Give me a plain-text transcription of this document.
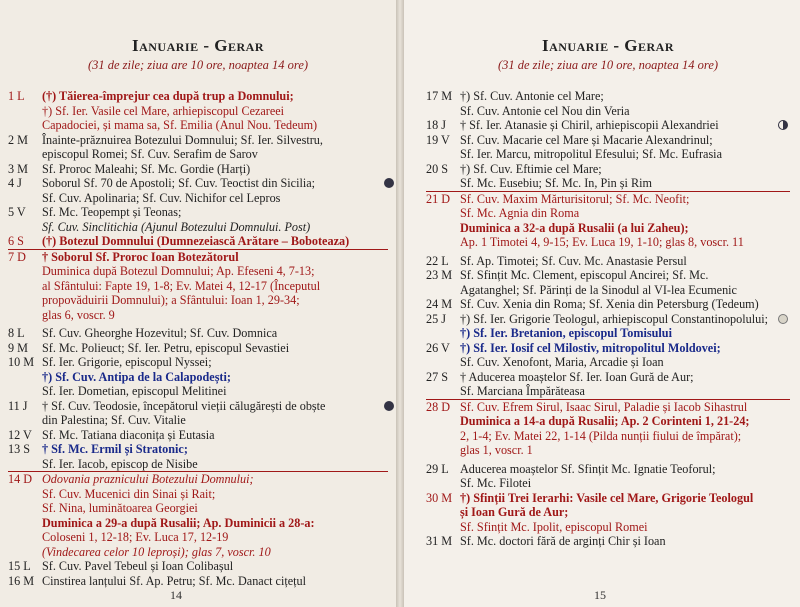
Ianuarie - Gerar
(31 de zile; ziua are 10 ore, noaptea 14 ore)
1 L	(†) Tăierea-împrejur cea după trup a Domnului;
†) Sf. Ier. Vasile cel Mare, arhiepiscopul Cezareei
Capadociei, și mama sa, Sf. Emilia (Anul Nou. Tedeum)
2 M	Înainte-prăznuirea Botezului Domnului; Sf. Ier. Silvestru,
episcopul Romei; Sf. Cuv. Serafim de Sarov
3 M	Sf. Proroc Maleahi; Sf. Mc. Gordie (Harți)
4 J	Soborul Sf. 70 de Apostoli; Sf. Cuv. Teoctist din Sicilia;
Sf. Cuv. Apolinaria; Sf. Cuv. Nichifor cel Lepros
5 V	Sf. Mc. Teopempt și Teonas;
Sf. Cuv. Sinclitichia (Ajunul Botezului Domnului. Post)
6 S	(†) Botezul Domnului (Dumnezeiască Arătare – Boboteaza)
7 D	† Soborul Sf. Proroc Ioan Botezătorul
Duminica după Botezul Domnului; Ap. Efeseni 4, 7-13;
al Sfântului: Fapte 19, 1-8; Ev. Matei 4, 12-17 (Începutul
propovăduirii Domnului); a Sfântului: Ioan 1, 29-34;
glas 6, voscr. 9
8 L	Sf. Cuv. Gheorghe Hozevitul; Sf. Cuv. Domnica
9 M	Sf. Mc. Polieuct; Sf. Ier. Petru, episcopul Sevastiei
10 M Sf. Ier. Grigorie, episcopul Nyssei;
†) Sf. Cuv. Antipa de la Calapodești;
Sf. Ier. Dometian, episcopul Melitinei
11 J	† Sf. Cuv. Teodosie, începătorul vieții călugărești de obște
din Palestina; Sf. Cuv. Vitalie
12 V Sf. Mc. Tatiana diaconița și Eutasia
13 S † Sf. Mc. Ermil și Stratonic;
Sf. Ier. Iacob, episcop de Nisibe
14 D Odovania praznicului Botezului Domnului;
Sf. Cuv. Mucenici din Sinai și Rait;
Sf. Nina, luminătoarea Georgiei
Duminica a 29-a după Rusalii; Ap. Duminicii a 28-a:
Coloseni 1, 12-18; Ev. Luca 17, 12-19
(Vindecarea celor 10 leproși); glas 7, voscr. 10
15 L Sf. Cuv. Pavel Tebeul și Ioan Colibașul
16 M Cinstirea lanțului Sf. Ap. Petru; Sf. Mc. Danact cițețul
14
Ianuarie - Gerar
(31 de zile; ziua are 10 ore, noaptea 14 ore)
17 M †) Sf. Cuv. Antonie cel Mare;
Sf. Cuv. Antonie cel Nou din Veria
18 J	† Sf. Ier. Atanasie și Chiril, arhiepiscopii Alexandriei
19 V Sf. Cuv. Macarie cel Mare și Macarie Alexandrinul;
Sf. Ier. Marcu, mitropolitul Efesului; Sf. Mc. Eufrasia
20 S †) Sf. Cuv. Eftimie cel Mare;
Sf. Mc. Eusebiu; Sf. Mc. In, Pin și Rim
21 D Sf. Cuv. Maxim Mărturisitorul; Sf. Mc. Neofit;
Sf. Mc. Agnia din Roma
Duminica a 32-a după Rusalii (a lui Zaheu);
Ap. 1 Timotei 4, 9-15; Ev. Luca 19, 1-10; glas 8, voscr. 11
22 L Sf. Ap. Timotei; Sf. Cuv. Mc. Anastasie Persul
23 M Sf. Sfințit Mc. Clement, episcopul Ancirei; Sf. Mc.
Agatanghel; Sf. Părinți de la Sinodul al VI-lea Ecumenic
24 M Sf. Cuv. Xenia din Roma; Sf. Xenia din Petersburg (Tedeum)
25 J	†) Sf. Ier. Grigorie Teologul, arhiepiscopul Constantinopolului;
†) Sf. Ier. Bretanion, episcopul Tomisului
26 V †) Sf. Ier. Iosif cel Milostiv, mitropolitul Moldovei;
Sf. Cuv. Xenofont, Maria, Arcadie și Ioan
27 S † Aducerea moaștelor Sf. Ier. Ioan Gură de Aur;
Sf. Marciana Împărăteasa
28 D Sf. Cuv. Efrem Sirul, Isaac Sirul, Paladie și Iacob Sihastrul
Duminica a 14-a după Rusalii; Ap. 2 Corinteni 1, 21-24;
2, 1-4; Ev. Matei 22, 1-14 (Pilda nunții fiului de împărat);
glas 1, voscr. 1
29 L Aducerea moaștelor Sf. Sfințit Mc. Ignatie Teoforul;
Sf. Mc. Filotei
30 M †) Sfinții Trei Ierarhi: Vasile cel Mare, Grigorie Teologul
și Ioan Gură de Aur;
Sf. Sfințit Mc. Ipolit, episcopul Romei
31 M Sf. Mc. doctori fără de arginți Chir și Ioan
15
